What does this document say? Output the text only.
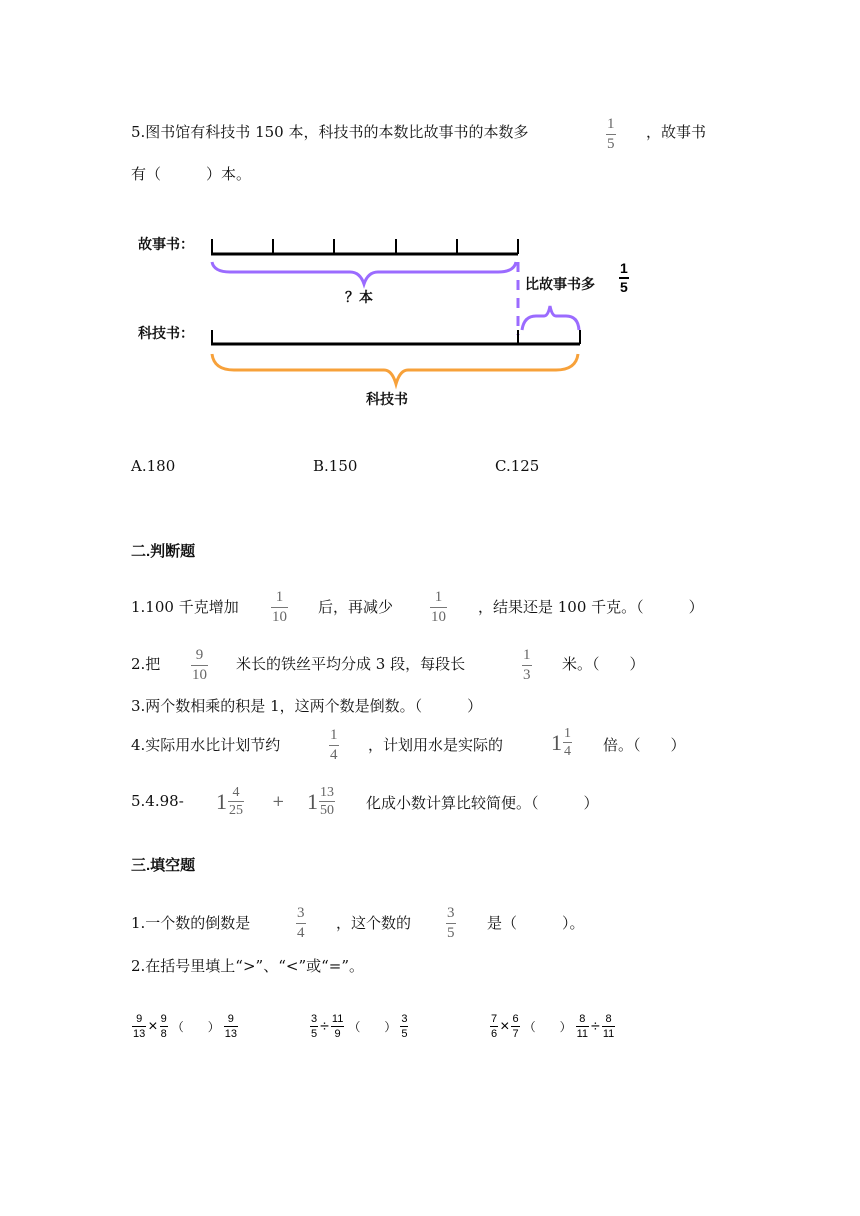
5.图书馆有科技书 150 本，科技书的本数比故事书的本数多	1
5
，故事书
有（　　　）本。
故事书：
科技书：
？本
比故事书多
1
5
科技书
A.180	B.150	C.125
二.判断题
1.100 千克增加
1
10
后，再减少
1
10
，结果还是 100 千克。（　　　）
2.把 9
10
米长的铁丝平均分成 3 段，每段长	1
3
米。（　　）
3.两个数相乘的积是 1，这两个数是倒数。（　　　）
4.实际用水比计划节约
1
4
，计划用水是实际的 $1 \frac{1}{4}$ 倍。（　　）
5.4.98- $1 \frac{4}{25} + 1 \frac{13}{50}$ 化成小数计算比较简便。（　　　）
三.填空题
1.一个数的倒数是
3
4
，这个数的
3
5
是（　　　）。
2.在括号里填上“>”、“<”或“=”。
$\frac{9}{13} \times \frac{9}{8}$ （　　） $\frac{9}{13}$	$\frac{3}{5} \div \frac{11}{9}$ （　　） $\frac{3}{5}$	$\frac{7}{6} \times \frac{6}{7}$ （　　） $\frac{8}{11} \div \frac{8}{11}$
